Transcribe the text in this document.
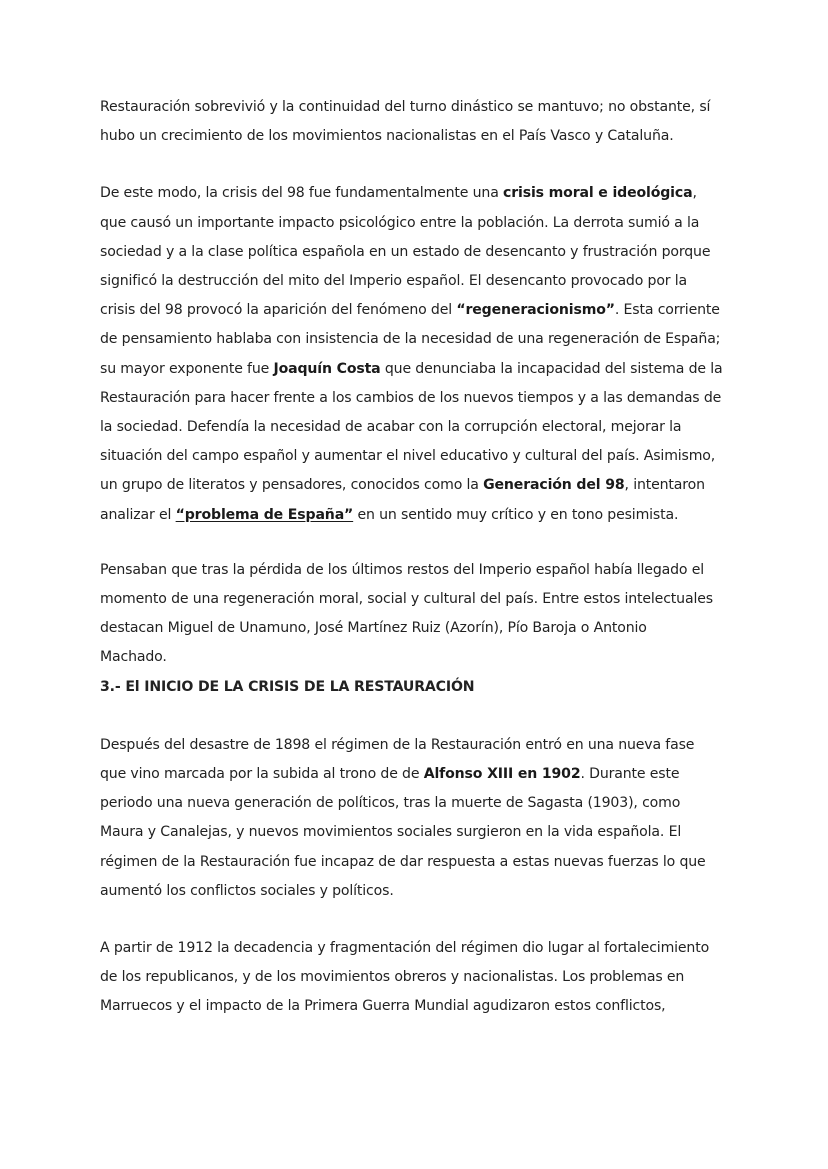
Restauración sobrevivió y la continuidad del turno dinástico se mantuvo; no obstante, sí
hubo un crecimiento de los movimientos nacionalistas en el País Vasco y Cataluña.

De este modo, la crisis del 98 fue fundamentalmente una crisis moral e ideológica,
que causó un importante impacto psicológico entre la población. La derrota sumió a la
sociedad y a la clase política española en un estado de desencanto y frustración porque
significó la destrucción del mito del Imperio español. El desencanto provocado por la
crisis del 98 provocó la aparición del fenómeno del “regeneracionismo”. Esta corriente
de pensamiento hablaba con insistencia de la necesidad de una regeneración de España;
su mayor exponente fue Joaquín Costa que denunciaba la incapacidad del sistema de la
Restauración para hacer frente a los cambios de los nuevos tiempos y a las demandas de
la sociedad. Defendía la necesidad de acabar con la corrupción electoral, mejorar la
situación del campo español y aumentar el nivel educativo y cultural del país. Asimismo,
un grupo de literatos y pensadores, conocidos como la Generación del 98, intentaron
analizar el “problema de España” en un sentido muy crítico y en tono pesimista.

Pensaban que tras la pérdida de los últimos restos del Imperio español había llegado el
momento de una regeneración moral, social y cultural del país. Entre estos intelectuales
destacan Miguel de Unamuno, José Martínez Ruiz (Azorín), Pío Baroja o Antonio
Machado.

3.- El INICIO DE LA CRISIS DE LA RESTAURACIÓN

Después del desastre de 1898 el régimen de la Restauración entró en una nueva fase
que vino marcada por la subida al trono de de Alfonso XIII en 1902. Durante este
periodo una nueva generación de políticos, tras la muerte de Sagasta (1903), como
Maura y Canalejas, y nuevos movimientos sociales surgieron en la vida española. El
régimen de la Restauración fue incapaz de dar respuesta a estas nuevas fuerzas lo que
aumentó los conflictos sociales y políticos.

A partir de 1912 la decadencia y fragmentación del régimen dio lugar al fortalecimiento
de los republicanos, y de los movimientos obreros y nacionalistas. Los problemas en
Marruecos y el impacto de la Primera Guerra Mundial agudizaron estos conflictos,
